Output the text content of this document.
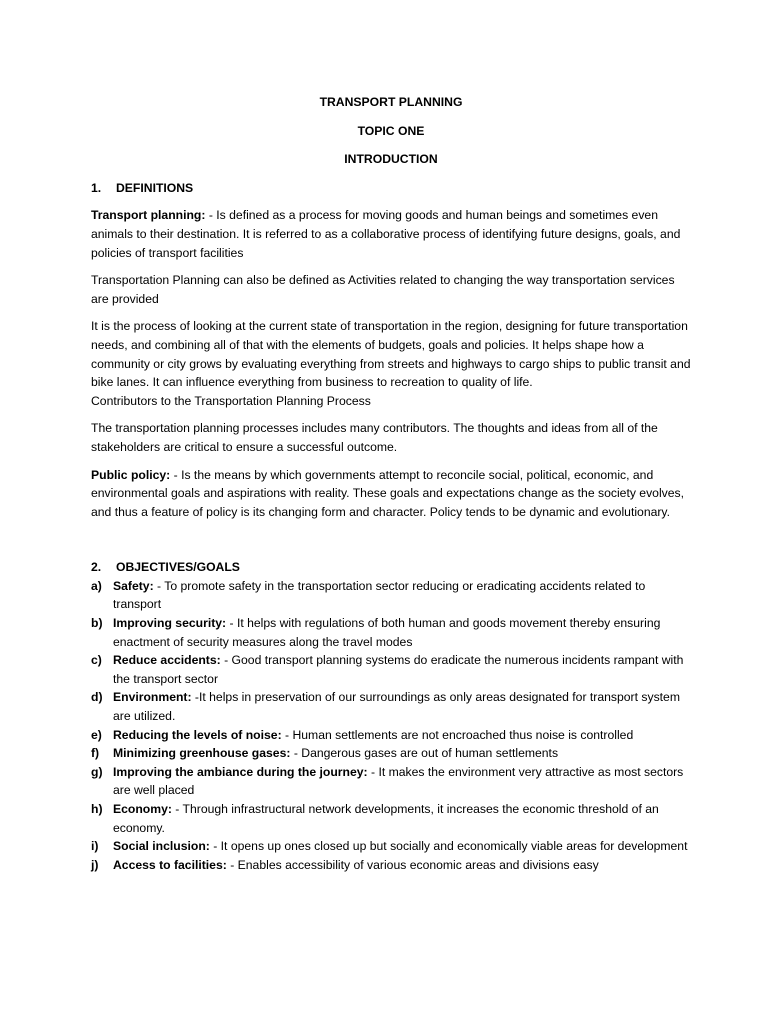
TRANSPORT PLANNING
TOPIC ONE
INTRODUCTION
1.	DEFINITIONS

Transport planning: - Is defined as a process for moving goods and human beings and sometimes even animals to their destination. It is referred to as a collaborative process of identifying future designs, goals, and policies of transport facilities

Transportation Planning can also be defined as Activities related to changing the way transportation services are provided

It is the process of looking at the current state of transportation in the region, designing for future transportation needs, and combining all of that with the elements of budgets, goals and policies. It helps shape how a community or city grows by evaluating everything from streets and highways to cargo ships to public transit and bike lanes. It can influence everything from business to recreation to quality of life.
Contributors to the Transportation Planning Process

The transportation planning processes includes many contributors. The thoughts and ideas from all of the stakeholders are critical to ensure a successful outcome.

Public policy: - Is the means by which governments attempt to reconcile social, political, economic, and environmental goals and aspirations with reality. These goals and expectations change as the society evolves, and thus a feature of policy is its changing form and character. Policy tends to be dynamic and evolutionary.

2.	OBJECTIVES/GOALS
a) Safety: - To promote safety in the transportation sector reducing or eradicating accidents related to transport
b) Improving security: - It helps with regulations of both human and goods movement thereby ensuring enactment of security measures along the travel modes
c) Reduce accidents: - Good transport planning systems do eradicate the numerous incidents rampant with the transport sector
d) Environment: -It helps in preservation of our surroundings as only areas designated for transport system are utilized.
e) Reducing the levels of noise: - Human settlements are not encroached thus noise is controlled
f)	Minimizing greenhouse gases: - Dangerous gases are out of human settlements
g) Improving the ambiance during the journey: - It makes the environment very attractive as most sectors are well placed
h) Economy: - Through infrastructural network developments, it increases the economic threshold of an economy.
i)	Social inclusion: - It opens up ones closed up but socially and economically viable areas for development
j)	Access to facilities: - Enables accessibility of various economic areas and divisions easy
